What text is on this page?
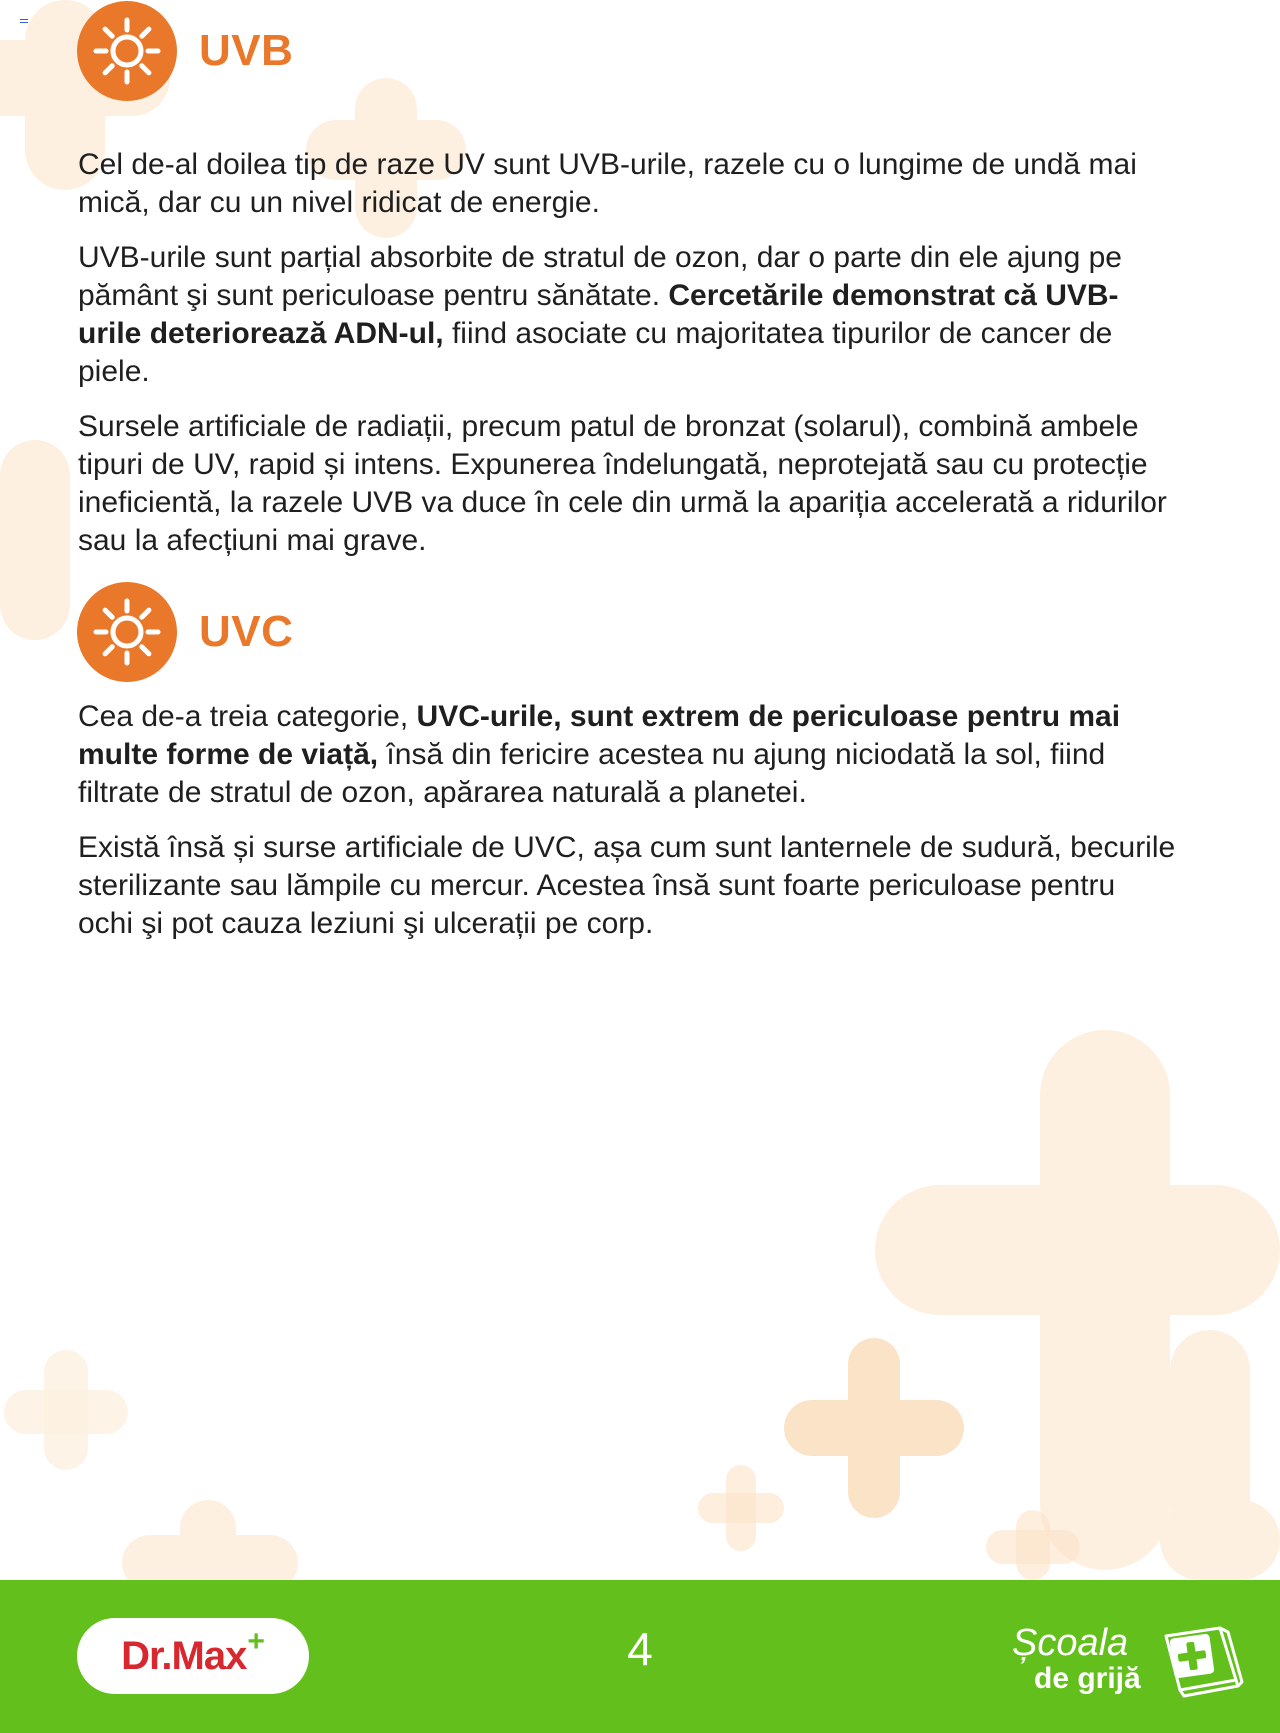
UVB

Cel de-al doilea tip de raze UV sunt UVB-urile, razele cu o lungime de undă mai mică, dar cu un nivel ridicat de energie.

UVB-urile sunt parțial absorbite de stratul de ozon, dar o parte din ele ajung pe pământ şi sunt periculoase pentru sănătate. Cercetările demonstrat că UVB-urile deteriorează ADN-ul, fiind asociate cu majoritatea tipurilor de cancer de piele.

Sursele artificiale de radiații, precum patul de bronzat (solarul), combină ambele tipuri de UV, rapid și intens. Expunerea îndelungată, neprotejată sau cu protecție ineficientă, la razele UVB va duce în cele din urmă la apariția accelerată a ridurilor sau la afecțiuni mai grave.

UVC

Cea de-a treia categorie, UVC-urile, sunt extrem de periculoase pentru mai multe forme de viață, însă din fericire acestea nu ajung niciodată la sol, fiind filtrate de stratul de ozon, apărarea naturală a planetei.

Există însă și surse artificiale de UVC, așa cum sunt lanternele de sudură, becurile sterilizante sau lămpile cu mercur. Acestea însă sunt foarte periculoase pentru ochi şi pot cauza leziuni şi ulcerații pe corp.

Dr.Max +	4	Școala
de grijă
